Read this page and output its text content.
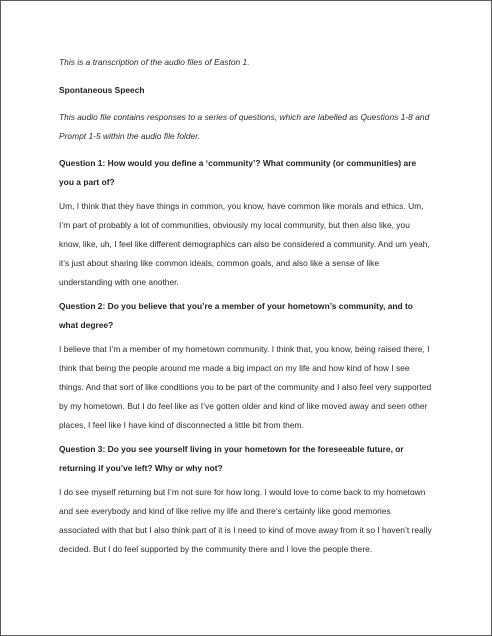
This is a transcription of the audio files of Easton 1.

Spontaneous Speech

This audio file contains responses to a series of questions, which are labelled as Questions 1-8 and Prompt 1-5 within the audio file folder.

Question 1: How would you define a ‘community’? What community (or communities) are you a part of?

Um, I think that they have things in common, you know, have common like morals and ethics. Um, I’m part of probably a lot of communities, obviously my local community, but then also like, you know, like, uh, I feel like different demographics can also be considered a community. And um yeah, it’s just about sharing like common ideals, common goals, and also like a sense of like understanding with one another.

Question 2: Do you believe that you’re a member of your hometown’s community, and to what degree?

I believe that I’m a member of my hometown community. I think that, you know, being raised there, I think that being the people around me made a big impact on my life and how kind of how I see things. And that sort of like conditions you to be part of the community and I also feel very supported by my hometown. But I do feel like as I’ve gotten older and kind of like moved away and seen other places, I feel like I have kind of disconnected a little bit from them.

Question 3: Do you see yourself living in your hometown for the foreseeable future, or returning if you’ve left? Why or why not?

I do see myself returning but I’m not sure for how long. I would love to come back to my hometown and see everybody and kind of like relive my life and there’s certainly like good memories associated with that but I also think part of it is I need to kind of move away from it so I haven’t really decided. But I do feel supported by the community there and I love the people there.
